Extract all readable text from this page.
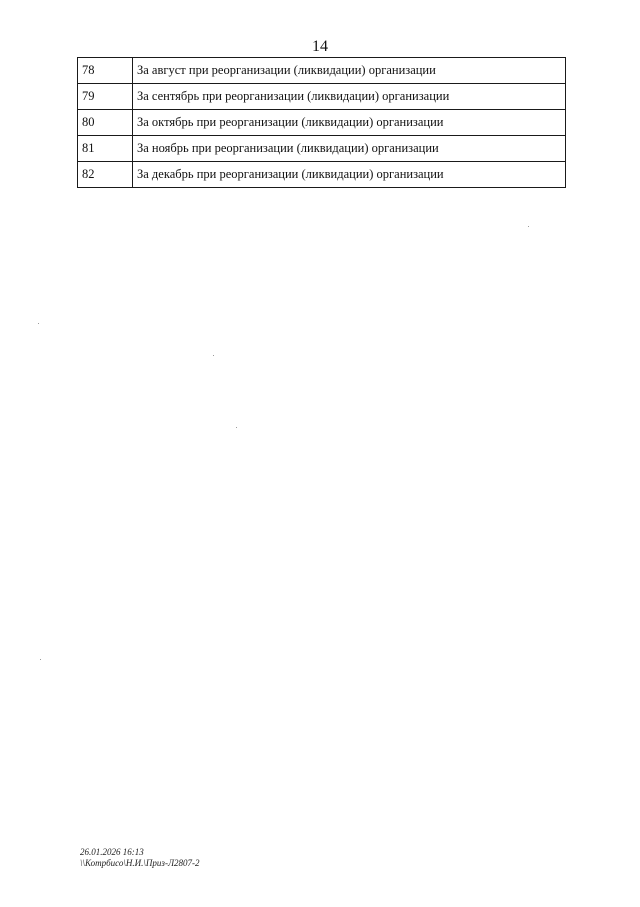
14
78	За август при реорганизации (ликвидации) организации
79	За сентябрь при реорганизации (ликвидации) организации
80	За октябрь при реорганизации (ликвидации) организации
81	За ноябрь при реорганизации (ликвидации) организации
82	За декабрь при реорганизации (ликвидации) организации
26.01.2026 16:13
\\Котрбисо\Н.И.\Приз-Л2807-2
